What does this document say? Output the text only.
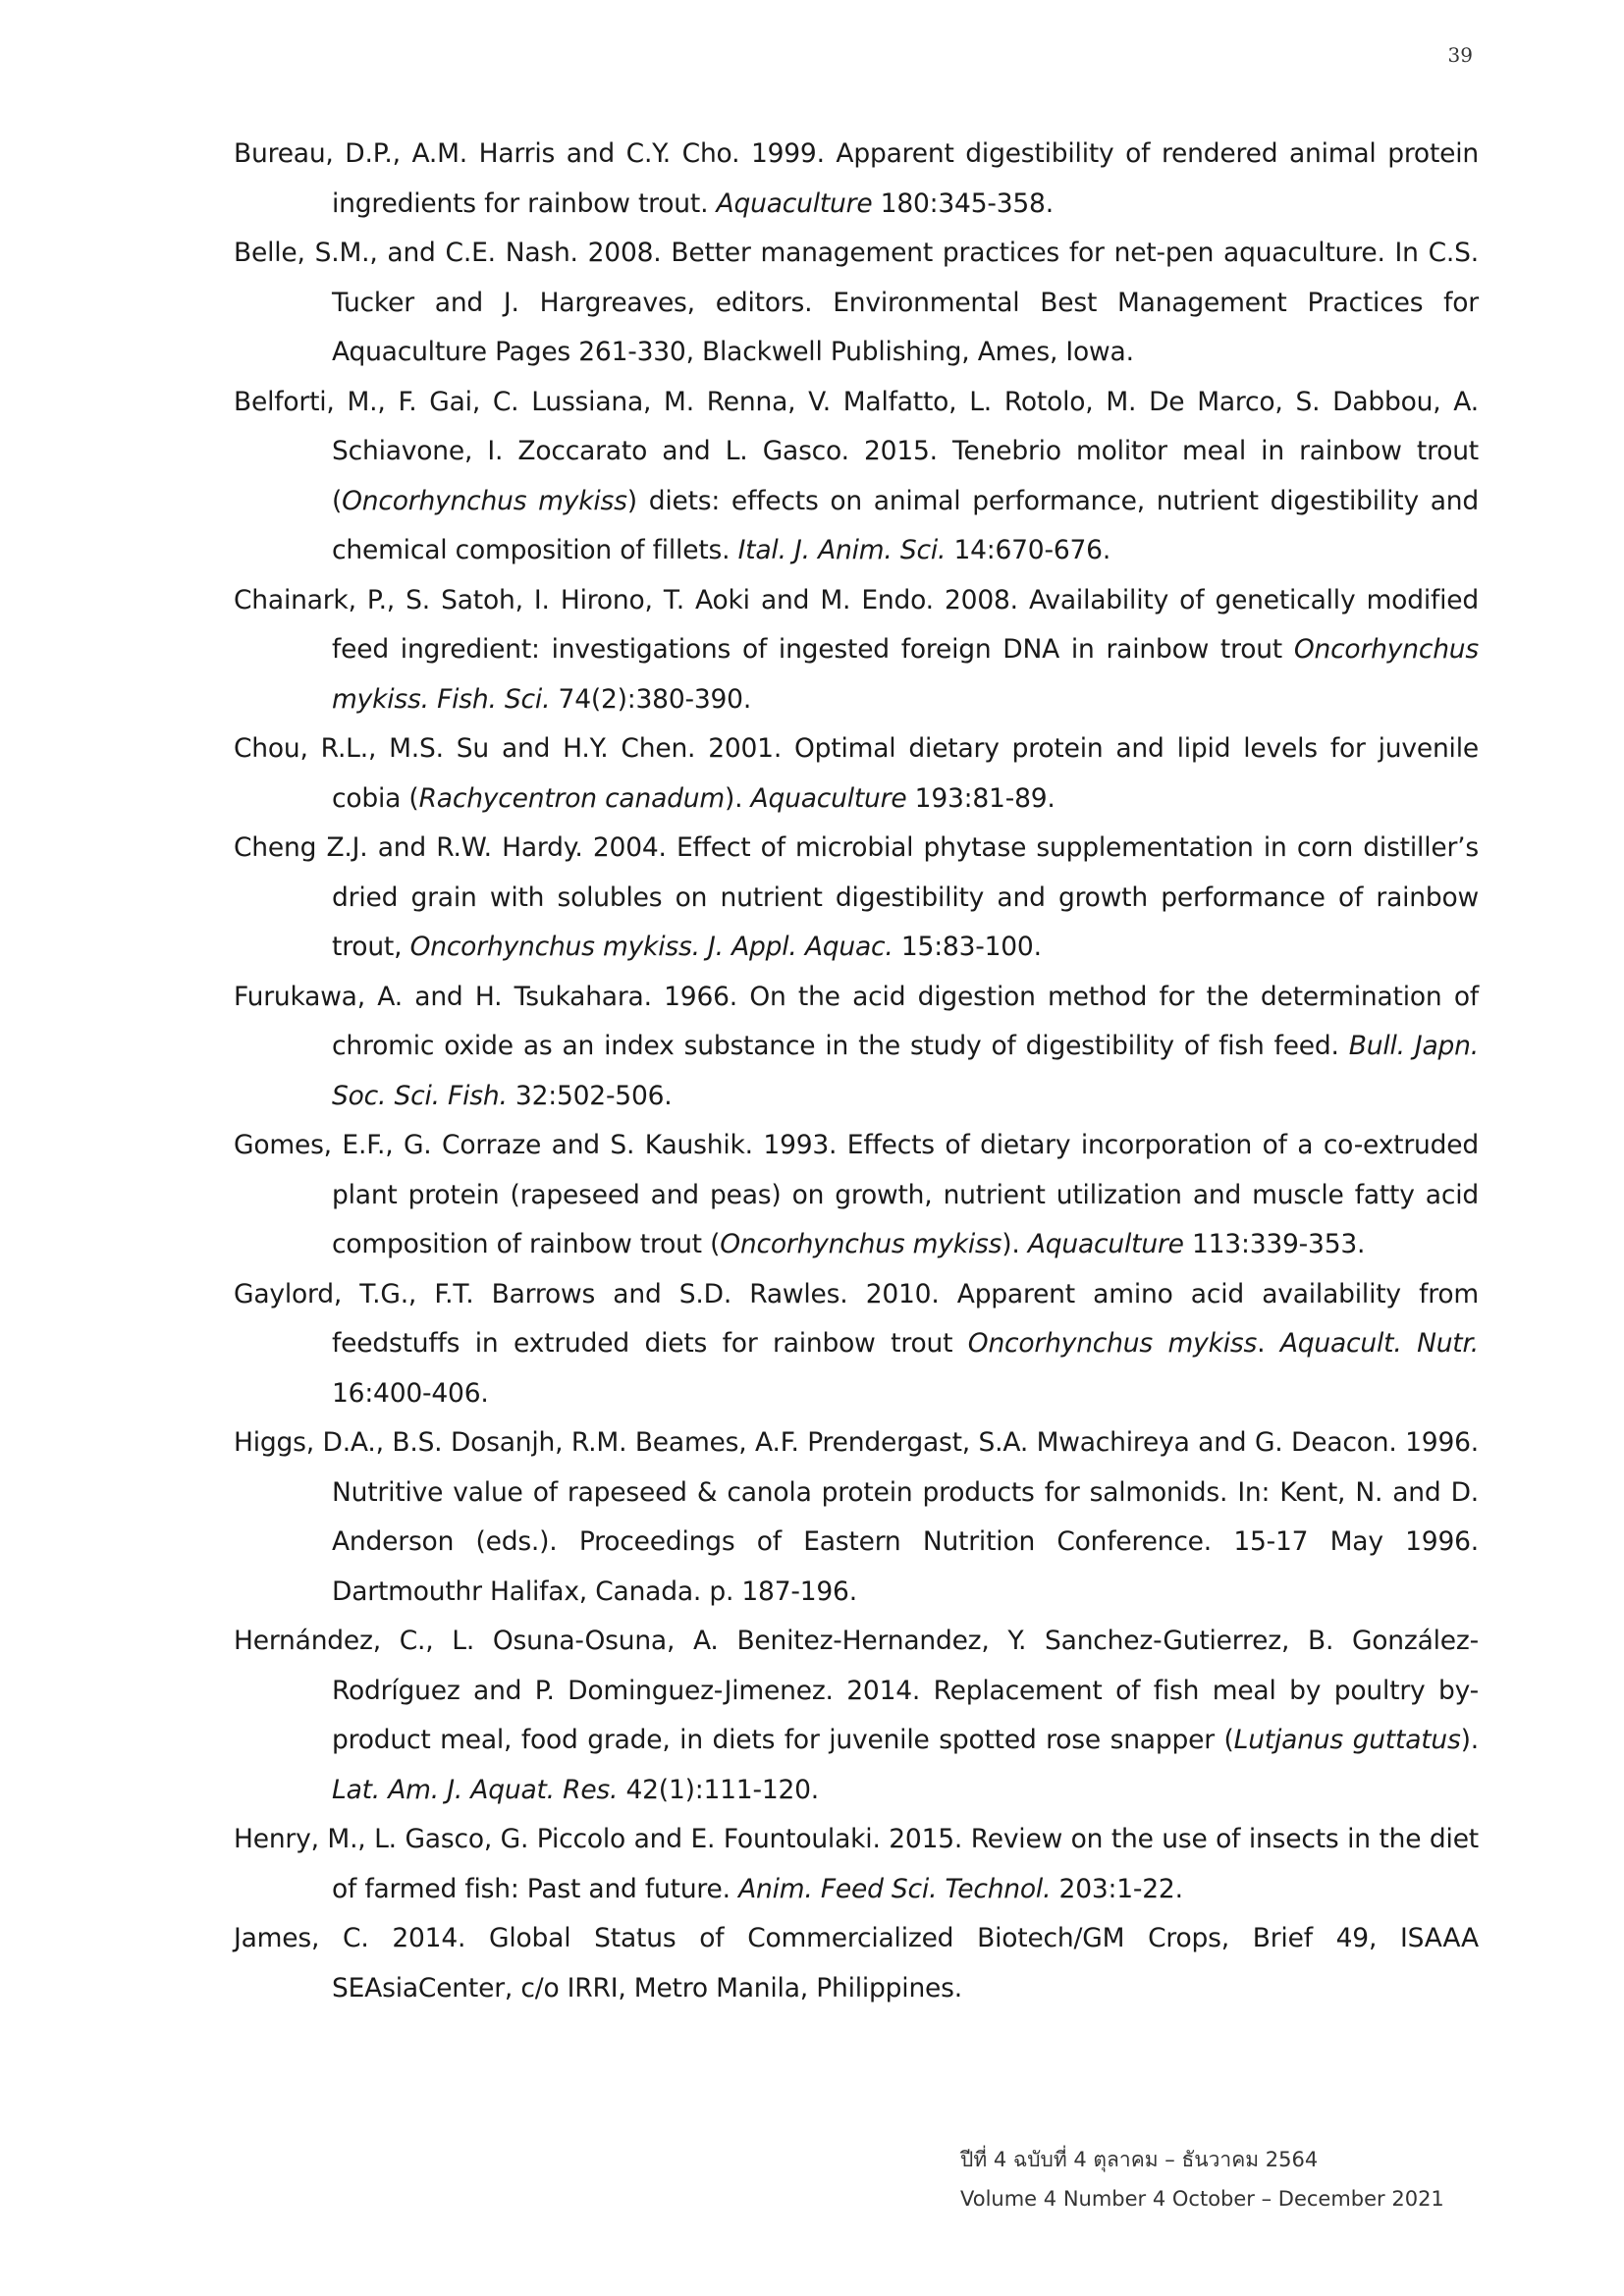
39

Bureau, D.P., A.M. Harris and C.Y. Cho. 1999. Apparent digestibility of rendered animal protein ingredients for rainbow trout. Aquaculture 180:345-358.

Belle, S.M., and C.E. Nash. 2008. Better management practices for net-pen aquaculture. In C.S. Tucker and J. Hargreaves, editors. Environmental Best Management Practices for Aquaculture Pages 261-330, Blackwell Publishing, Ames, Iowa.

Belforti, M., F. Gai, C. Lussiana, M. Renna, V. Malfatto, L. Rotolo, M. De Marco, S. Dabbou, A. Schiavone, I. Zoccarato and L. Gasco. 2015. Tenebrio molitor meal in rainbow trout (Oncorhynchus mykiss) diets: effects on animal performance, nutrient digestibility and chemical composition of fillets. Ital. J. Anim. Sci. 14:670-676.

Chainark, P., S. Satoh, I. Hirono, T. Aoki and M. Endo. 2008. Availability of genetically modified feed ingredient: investigations of ingested foreign DNA in rainbow trout Oncorhynchus mykiss. Fish. Sci. 74(2):380-390.

Chou, R.L., M.S. Su and H.Y. Chen. 2001. Optimal dietary protein and lipid levels for juvenile cobia (Rachycentron canadum). Aquaculture 193:81-89.

Cheng Z.J. and R.W. Hardy. 2004. Effect of microbial phytase supplementation in corn distiller’s dried grain with solubles on nutrient digestibility and growth performance of rainbow trout, Oncorhynchus mykiss. J. Appl. Aquac. 15:83-100.

Furukawa, A. and H. Tsukahara. 1966. On the acid digestion method for the determination of chromic oxide as an index substance in the study of digestibility of fish feed. Bull. Japn. Soc. Sci. Fish. 32:502-506.

Gomes, E.F., G. Corraze and S. Kaushik. 1993. Effects of dietary incorporation of a co-extruded plant protein (rapeseed and peas) on growth, nutrient utilization and muscle fatty acid composition of rainbow trout (Oncorhynchus mykiss). Aquaculture 113:339-353.

Gaylord, T.G., F.T. Barrows and S.D. Rawles. 2010. Apparent amino acid availability from feedstuffs in extruded diets for rainbow trout Oncorhynchus mykiss. Aquacult. Nutr. 16:400-406.

Higgs, D.A., B.S. Dosanjh, R.M. Beames, A.F. Prendergast, S.A. Mwachireya and G. Deacon. 1996. Nutritive value of rapeseed & canola protein products for salmonids. In: Kent, N. and D. Anderson (eds.). Proceedings of Eastern Nutrition Conference. 15-17 May 1996. Dartmouthr Halifax, Canada. p. 187-196.

Hernández, C., L. Osuna-Osuna, A. Benitez-Hernandez, Y. Sanchez-Gutierrez, B. González-Rodríguez and P. Dominguez-Jimenez. 2014. Replacement of fish meal by poultry by-product meal, food grade, in diets for juvenile spotted rose snapper (Lutjanus guttatus). Lat. Am. J. Aquat. Res. 42(1):111-120.

Henry, M., L. Gasco, G. Piccolo and E. Fountoulaki. 2015. Review on the use of insects in the diet of farmed fish: Past and future. Anim. Feed Sci. Technol. 203:1-22.

James, C. 2014. Global Status of Commercialized Biotech/GM Crops, Brief 49, ISAAA SEAsiaCenter, c/o IRRI, Metro Manila, Philippines.

ปีที่ 4 ฉบับที่ 4 ตุลาคม – ธันวาคม 2564
Volume 4 Number 4 October – December 2021
